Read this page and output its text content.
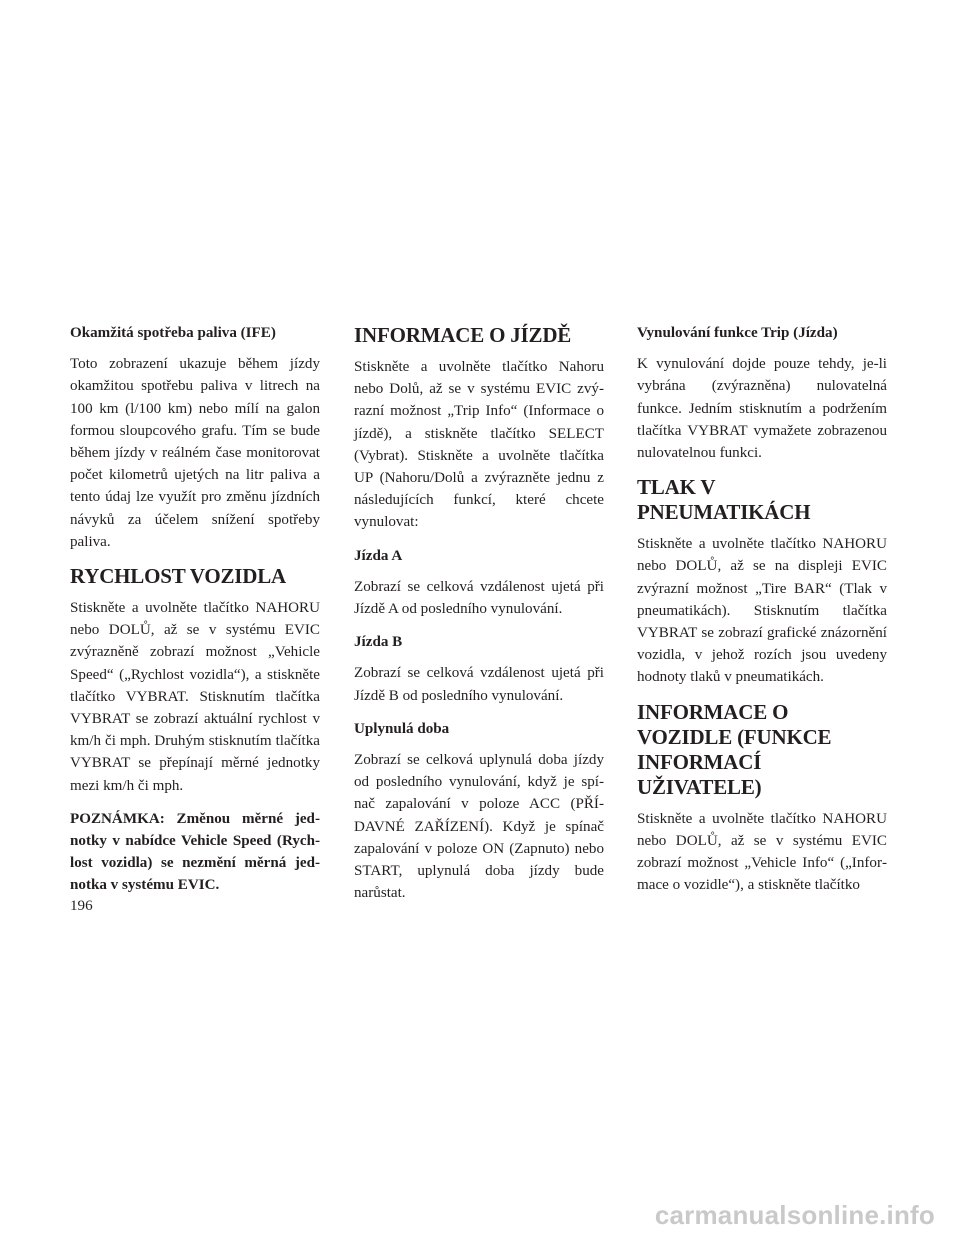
Okamžitá spotřeba paliva (IFE)

Toto zobrazení ukazuje během jízdy okamžitou spotřebu paliva v litrech na 100 km (l/100 km) nebo mílí na galon formou sloupcového grafu. Tím se bude během jízdy v reálném čase monitorovat počet kilometrů ujetých na litr paliva a tento údaj lze využít pro změnu jízdních návyků za účelem snížení spotřeby paliva.

RYCHLOST VOZIDLA

Stiskněte a uvolněte tlačítko NAHORU nebo DOLŮ, až se v systému EVIC zvýrazněně zobrazí možnost „Vehicle Speed“ („Rychlost vozidla“), a stiskněte tlačítko VYBRAT. Stisknutím tlačítka VYBRAT se zobrazí aktuální rychlost v km/h či mph. Druhým stisknutím tlačítka VYBRAT se přepínají měrné jednotky mezi km/h či mph.

POZNÁMKA: Změnou měrné jednotky v nabídce Vehicle Speed (Rychlost vozidla) se nezmění měrná jednotka v systému EVIC.

INFORMACE O JÍZDĚ

Stiskněte a uvolněte tlačítko Nahoru nebo Dolů, až se v systému EVIC zvýrazní možnost „Trip Info“ (Informace o jízdě), a stiskněte tlačítko SELECT (Vybrat). Stiskněte a uvolněte tlačítka UP (Nahoru/Dolů a zvýrazněte jednu z následujících funkcí, které chcete vynulovat:

Jízda A

Zobrazí se celková vzdálenost ujetá při Jízdě A od posledního vynulování.

Jízda B

Zobrazí se celková vzdálenost ujetá při Jízdě B od posledního vynulování.

Uplynulá doba

Zobrazí se celková uplynulá doba jízdy od posledního vynulování, když je spínač zapalování v poloze ACC (PŘÍDAVNÉ ZAŘÍZENÍ). Když je spínač zapalování v poloze ON (Zapnuto) nebo START, uplynulá doba jízdy bude narůstat.

Vynulování funkce Trip (Jízda)

K vynulování dojde pouze tehdy, je-li vybrána (zvýrazněna) nulovatelná funkce. Jedním stisknutím a podržením tlačítka VYBRAT vymažete zobrazenou nulovatelnou funkci.

TLAK V PNEUMATIKÁCH

Stiskněte a uvolněte tlačítko NAHORU nebo DOLŮ, až se na displeji EVIC zvýrazní možnost „Tire BAR“ (Tlak v pneumatikách). Stisknutím tlačítka VYBRAT se zobrazí grafické znázornění vozidla, v jehož rozích jsou uvedeny hodnoty tlaků v pneumatikách.

INFORMACE O VOZIDLE (FUNKCE INFORMACÍ UŽIVATELE)

Stiskněte a uvolněte tlačítko NAHORU nebo DOLŮ, až se v systému EVIC zobrazí možnost „Vehicle Info“ („Informace o vozidle“), a stiskněte tlačítko

196
carmanualsonline.info
